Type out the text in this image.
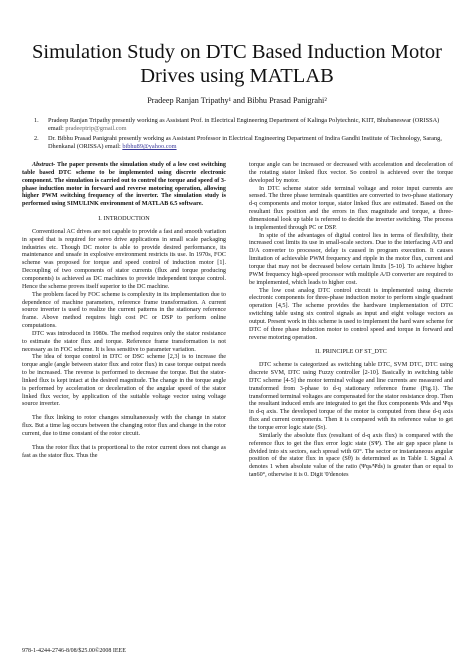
Simulation Study on DTC Based Induction Motor Drives using MATLAB
Pradeep Ranjan Tripathy¹ and Bibhu Prasad Panigrahi²
1. Pradeep Ranjan Tripathy presently working as Assistant Prof. in Electrical Engineering Department of Kalinga Polytechnic, KIIT, Bhubaneswar (ORISSA) email: pradeeptrip@gmail.com
2. Dr. Bibhu Prasad Panigrahi presently working as Assistant Professor in Electrical Engineering Department of Indira Gandhi Institute of Technology, Sarang, Dhenkanal (ORISSA) email: bibhu89@yahoo.com

Abstract- The paper presents the simulation study of a low cost switching table based DTC scheme to be implemented using discrete electronic component. The simulation is carried out to control the torque and speed of 3-phase induction motor in forward and reverse motoring operation, allowing higher PWM switching frequency of the inverter. The simulation study is performed using SIMULINK environment of MATLAB 6.5 software.

I. INTRODUCTION

Conventional AC drives are not capable to provide a fast and smooth variation in speed that is required for servo drive applications in small scale packaging industries etc. Though DC motor is able to provide desired performance, its maintenance and unsafe in explosive environment restricts its use. In 1970s, FOC scheme was proposed for torque and speed control of induction motor [1]. Decoupling of two components of stator currents (flux and torque producing components) is achieved as DC machines to provide independent torque control. Hence the scheme proves itself superior to the DC machine.

The problem faced by FOC scheme is complexity in its implementation due to dependence of machine parameters, reference frame transformation. A current source inverter is used to realize the current patterns in the stationary reference frame. Above method requires high cost PC or DSP to perform online computations.

DTC was introduced in 1980s. The method requires only the stator resistance to estimate the stator flux and torque. Reference frame transformation is not necessary as in FOC scheme. It is less sensitive to parameter variation.

The idea of torque control in DTC or DSC scheme [2,3] is to increase the torque angle (angle between stator flux and rotor flux) in case torque output needs to be increased. The reverse is performed to decrease the torque. But the stator-linked flux is kept intact at the desired magnitude. The change in the torque angle is performed by acceleration or deceleration of the angular speed of the stator linked flux vector, by application of the suitable voltage vector using voltage source inverter.

The flux linking to rotor changes simultaneously with the change in stator flux. But a time lag occurs between the changing rotor flux and change in the rotor current, due to time constant of the rotor circuit.

Thus the rotor flux that is proportional to the rotor current does not change as fast as the stator flux. Thus the

torque angle can be increased or decreased with acceleration and deceleration of the rotating stator linked flux vector. So control is achieved over the torque developed by motor.

In DTC scheme stator side terminal voltage and rotor input currents are sensed. The three phase terminals quantities are converted to two-phase stationary d-q components and motor torque, stator linked flux are estimated. Based on the resultant flux position and the errors in flux magnitude and torque, a three-dimensional look up table is referred to decide the inverter switching. The process is implemented through PC or DSP.

In spite of the advantages of digital control lies in terms of flexibility, their increased cost limits its use in small-scale sectors. Due to the interfacing A/D and D/A converter to processor, delay is caused in program execution. It causes limitation of achievable PWM frequency and ripple in the motor flux, current and torque that may not be decreased below certain limits [5-10]. To achieve higher PWM frequency high-speed processor with multiple A/D converter are required to be implemented, which leads to higher cost.

The low cost analog DTC control circuit is implemented using discrete electronic components for three-phase induction motor to perform single quadrant operation [4,5]. The scheme provides the hardware implementation of DTC switching table using six control signals as input and eight voltage vectors as output. Present work in this scheme is used to implement the hard ware scheme for DTC of three phase induction motor to control speed and torque in forward and reverse motoring operation.

II. PRINCIPLE OF ST_DTC

DTC scheme is categorized as switching table DTC, SVM DTC, DTC using discrete SVM, DTC using Fuzzy controller [2-10]. Basically in switching table DTC scheme [4-5] the motor terminal voltage and line currents are measured and transformed from 3-phase to d-q stationary reference frame (Fig.1). The transformed terminal voltages are compensated for the stator resistance drop. Then the resultant induced emfs are integrated to get the flux components Ψds and Ψqs in d-q axis. The developed torque of the motor is computed from these d-q axis flux and current components. Then it is compared with its reference value to get the torque error logic state (Sτ).

Similarly the absolute flux (resultant of d-q axis flux) is compared with the reference flux to get the flux error logic state (SΨ). The air gap space plane is divided into six sectors, each spread with 60°. The sector or instantaneous angular position of the stator flux in space (Sθ) is determined as in Table I. Signal A denotes 1 when absolute value of the ratio (Ψqs/Ψds) is greater than or equal to tan60°, otherwise it is 0. Digit '0'denotes

978-1-4244-2746-8/08/$25.00©2008 IEEE
